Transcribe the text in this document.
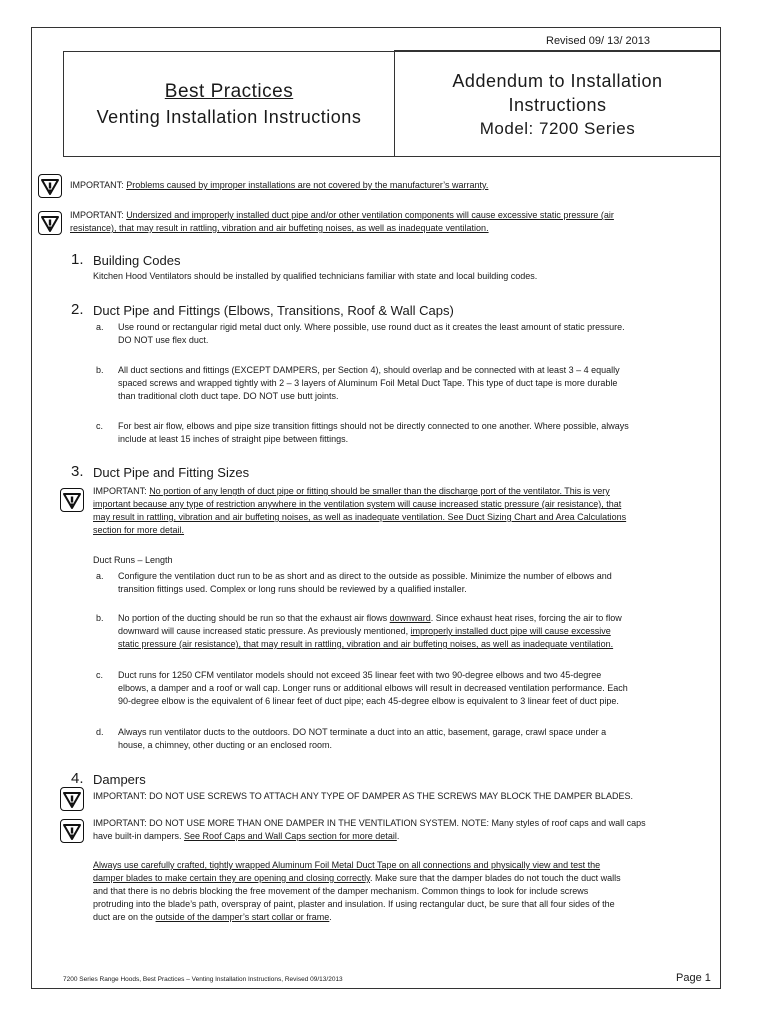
Revised 09/ 13/ 2013
Best Practices
Venting Installation Instructions
Addendum to Installation
Instructions
Model: 7200 Series
IMPORTANT: Problems caused by improper installations are not covered by the manufacturer’s warranty.
IMPORTANT: Undersized and improperly installed duct pipe and/or other ventilation components will cause excessive static pressure (air
resistance), that may result in rattling, vibration and air buffeting noises, as well as inadequate ventilation.
1. Building Codes
Kitchen Hood Ventilators should be installed by qualified technicians familiar with state and local building codes.
2. Duct Pipe and Fittings (Elbows, Transitions, Roof & Wall Caps)
a. Use round or rectangular rigid metal duct only. Where possible, use round duct as it creates the least amount of static pressure.
DO NOT use flex duct.
b. All duct sections and fittings (EXCEPT DAMPERS, per Section 4), should overlap and be connected with at least 3 – 4 equally
spaced screws and wrapped tightly with 2 – 3 layers of Aluminum Foil Metal Duct Tape. This type of duct tape is more durable
than traditional cloth duct tape. DO NOT use butt joints.
c. For best air flow, elbows and pipe size transition fittings should not be directly connected to one another. Where possible, always
include at least 15 inches of straight pipe between fittings.
3. Duct Pipe and Fitting Sizes
IMPORTANT: No portion of any length of duct pipe or fitting should be smaller than the discharge port of the ventilator. This is very
important because any type of restriction anywhere in the ventilation system will cause increased static pressure (air resistance), that
may result in rattling, vibration and air buffeting noises, as well as inadequate ventilation. See Duct Sizing Chart and Area Calculations
section for more detail.
Duct Runs – Length
a. Configure the ventilation duct run to be as short and as direct to the outside as possible. Minimize the number of elbows and
transition fittings used. Complex or long runs should be reviewed by a qualified installer.
b. No portion of the ducting should be run so that the exhaust air flows downward. Since exhaust heat rises, forcing the air to flow
downward will cause increased static pressure. As previously mentioned, improperly installed duct pipe will cause excessive
static pressure (air resistance), that may result in rattling, vibration and air buffeting noises, as well as inadequate ventilation.
c. Duct runs for 1250 CFM ventilator models should not exceed 35 linear feet with two 90-degree elbows and two 45-degree
elbows, a damper and a roof or wall cap. Longer runs or additional elbows will result in decreased ventilation performance. Each
90-degree elbow is the equivalent of 6 linear feet of duct pipe; each 45-degree elbow is equivalent to 3 linear feet of duct pipe.
d. Always run ventilator ducts to the outdoors. DO NOT terminate a duct into an attic, basement, garage, crawl space under a
house, a chimney, other ducting or an enclosed room.
4. Dampers
IMPORTANT: DO NOT USE SCREWS TO ATTACH ANY TYPE OF DAMPER AS THE SCREWS MAY BLOCK THE DAMPER BLADES.
IMPORTANT: DO NOT USE MORE THAN ONE DAMPER IN THE VENTILATION SYSTEM. NOTE: Many styles of roof caps and wall caps
have built-in dampers. See Roof Caps and Wall Caps section for more detail.
Always use carefully crafted, tightly wrapped Aluminum Foil Metal Duct Tape on all connections and physically view and test the
damper blades to make certain they are opening and closing correctly. Make sure that the damper blades do not touch the duct walls
and that there is no debris blocking the free movement of the damper mechanism. Common things to look for include screws
protruding into the blade’s path, overspray of paint, plaster and insulation. If using rectangular duct, be sure that all four sides of the
duct are on the outside of the damper’s start collar or frame.
7200 Series Range Hoods, Best Practices – Venting Installation Instructions, Revised 09/13/2013	Page 1
